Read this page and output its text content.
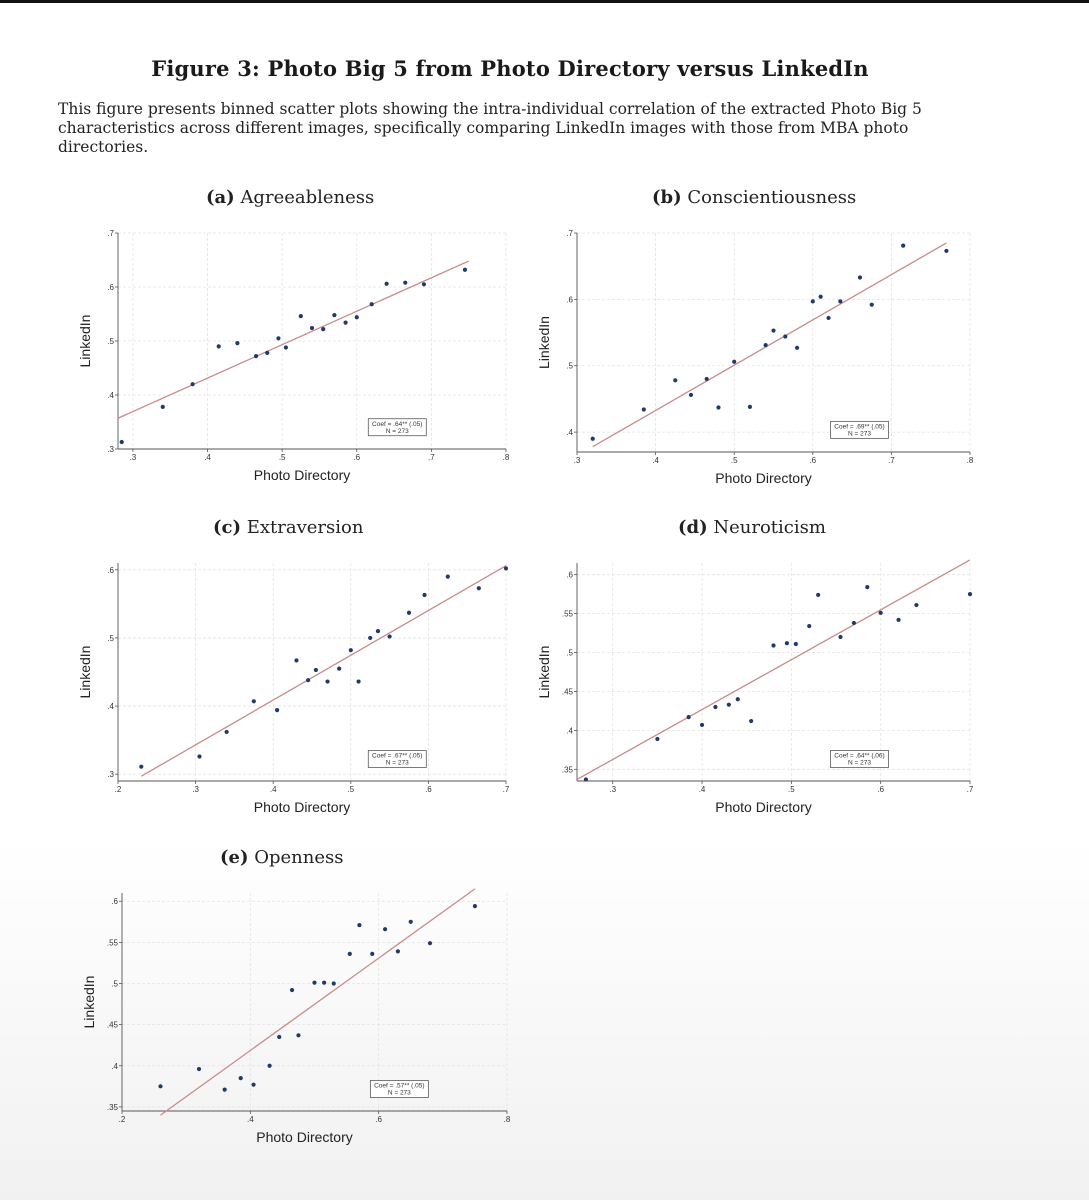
Figure 3: Photo Big 5 from Photo Directory versus LinkedIn
This figure presents binned scatter plots showing the intra-individual correlation of the extracted Photo Big 5 characteristics across different images, specifically comparing LinkedIn images with those from MBA photo directories.
(a) Agreeableness	(b) Conscientiousness
(c) Extraversion	(d) Neuroticism
(e) Openness
.3	.4	.5	.6	.7	.8
.3
.4
.5
.6
.7
Photo Directory
LinkedIn
Coef = .64** (.05)
N = 273
.3	.4	.5	.6	.7	.8
.4
.5
.6
.7
Photo Directory
LinkedIn
Coef = .69** (.05)
N = 273
.2	.3	.4	.5	.6	.7
.3
.4
.5
.6
Photo Directory
LinkedIn
Coef = .67** (.05)
N = 273
.3	.4	.5	.6	.7
.35
.4
.45
.5
.55
.6
Photo Directory
LinkedIn
Coef = .64** (.06)
N = 273
.2	.4	.6	.8
.35
.4
.45
.5
.55
.6
Photo Directory
LinkedIn
Coef = .57** (.05)
N = 273
